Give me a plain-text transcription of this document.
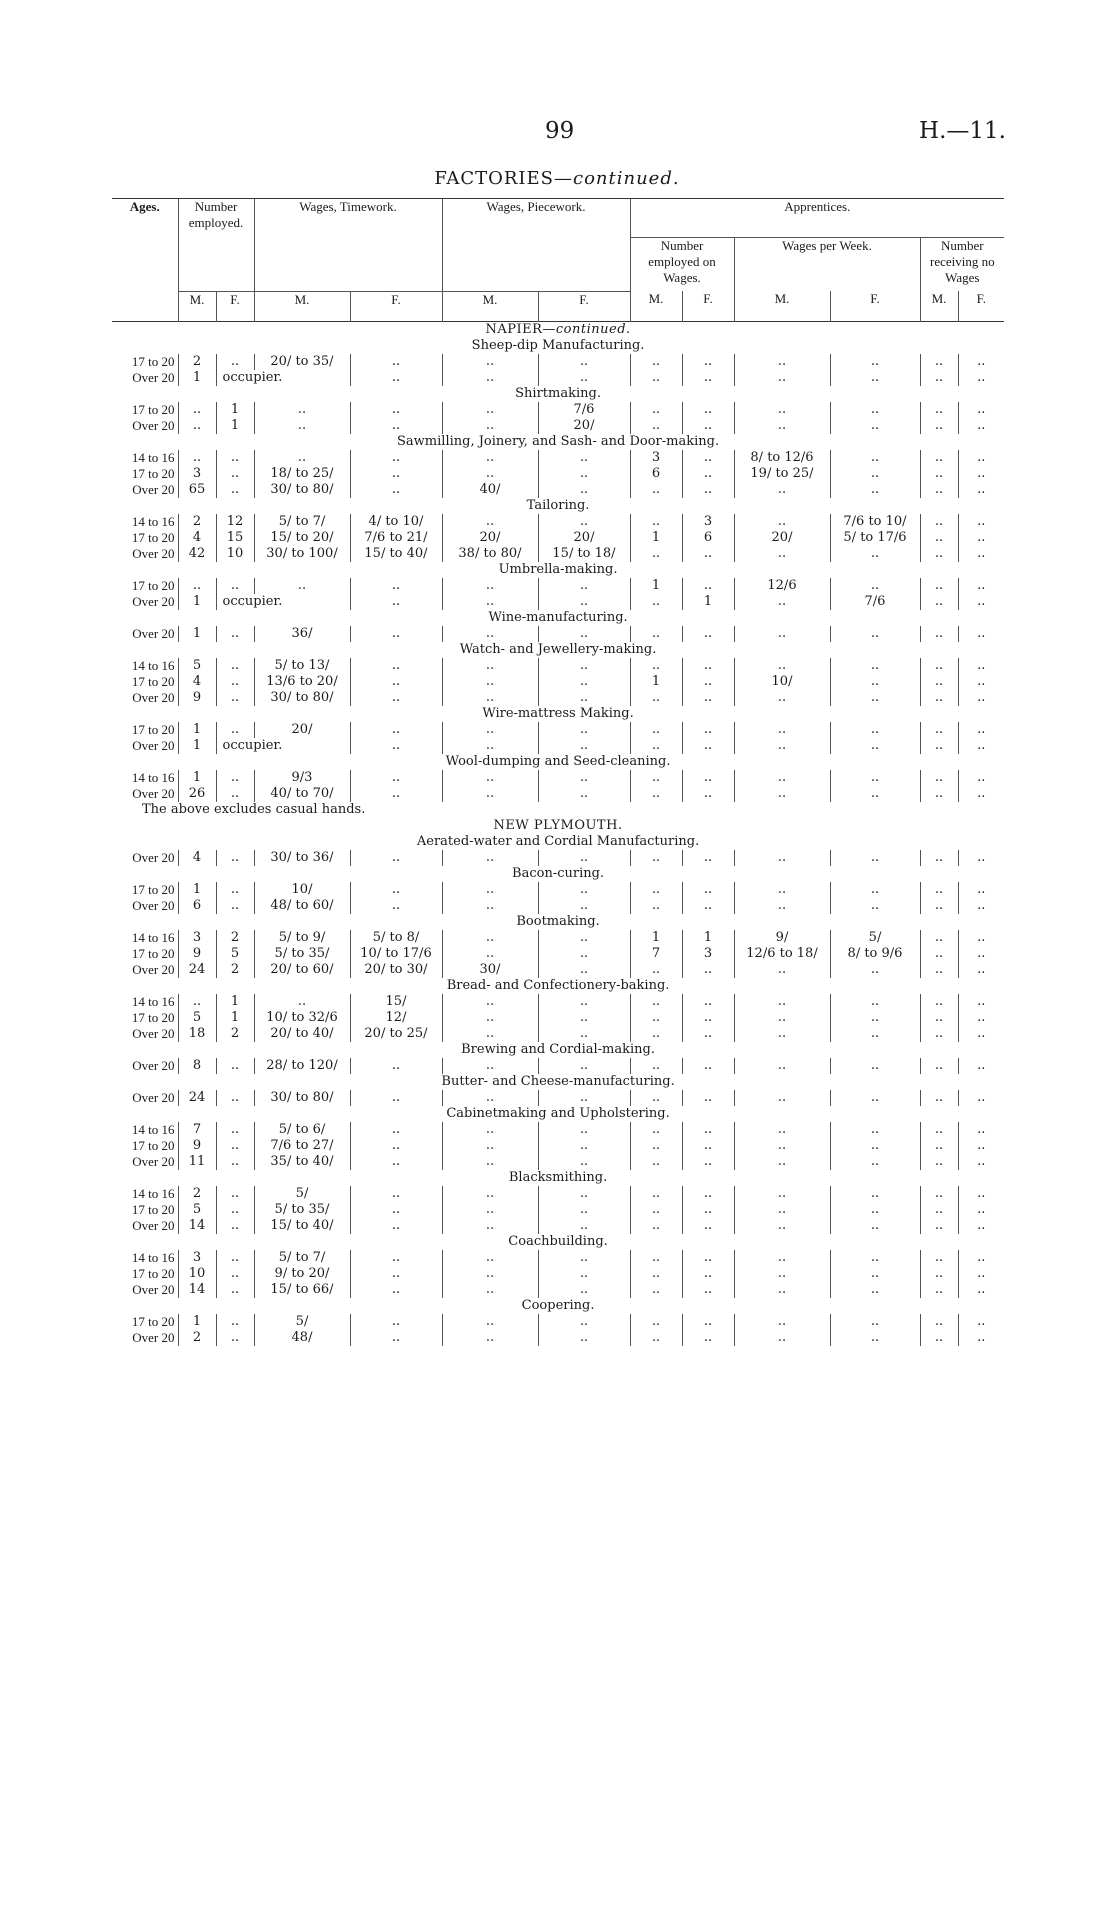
99	H.—11.
FACTORIES—continued.

Ages.	Number employed.		Wages, Timework.		Wages, Piecework.		Apprentices.					
							Number employed on Wages.		Wages per Week.		Number receiving no Wages	
	M.	F.	M.	F.	M.	F.	M.	F.	M.	F.	M.	F.

NAPIER—continued.												
Sheep-dip Manufacturing.												
17 to 20	2	..	20/ to 35/	..	..	..	..	..	..	..	..	..
Over 20	1	occupier.		..	..	..	..	..	..	..	..	..
Shirtmaking.												
17 to 20	..	1	..	..	..	7/6	..	..	..	..	..	..
Over 20	..	1	..	..	..	20/	..	..	..	..	..	..
Sawmilling, Joinery, and Sash- and Door-making.												
14 to 16	..	..	..	..	..	..	3	..	8/ to 12/6	..	..	..
17 to 20	3	..	18/ to 25/	..	..	..	6	..	19/ to 25/	..	..	..
Over 20	65	..	30/ to 80/	..	40/	..	..	..	..	..	..	..
Tailoring.												
14 to 16	2	12	5/ to 7/	4/ to 10/	..	..	..	3	..	7/6 to 10/	..	..
17 to 20	4	15	15/ to 20/	7/6 to 21/	20/	20/	1	6	20/	5/ to 17/6	..	..
Over 20	42	10	30/ to 100/	15/ to 40/	38/ to 80/	15/ to 18/	..	..	..	..	..	..
Umbrella-making.												
17 to 20	..	..	..	..	..	..	1	..	12/6	..	..	..
Over 20	1	occupier.		..	..	..	..	1	..	7/6	..	..
Wine-manufacturing.												
Over 20	1	..	36/	..	..	..	..	..	..	..	..	..
Watch- and Jewellery-making.												
14 to 16	5	..	5/ to 13/	..	..	..	..	..	..	..	..	..
17 to 20	4	..	13/6 to 20/	..	..	..	1	..	10/	..	..	..
Over 20	9	..	30/ to 80/	..	..	..	..	..	..	..	..	..
Wire-mattress Making.												
17 to 20	1	..	20/	..	..	..	..	..	..	..	..	..
Over 20	1	occupier.		..	..	..	..	..	..	..	..	..
Wool-dumping and Seed-cleaning.												
14 to 16	1	..	9/3	..	..	..	..	..	..	..	..	..
Over 20	26	..	40/ to 70/	..	..	..	..	..	..	..	..	..
The above excludes casual hands.												
NEW PLYMOUTH.												
Aerated-water and Cordial Manufacturing.												
Over 20	4	..	30/ to 36/	..	..	..	..	..	..	..	..	..
Bacon-curing.												
17 to 20	1	..	10/	..	..	..	..	..	..	..	..	..
Over 20	6	..	48/ to 60/	..	..	..	..	..	..	..	..	..
Bootmaking.												
14 to 16	3	2	5/ to 9/	5/ to 8/	..	..	1	1	9/	5/	..	..
17 to 20	9	5	5/ to 35/	10/ to 17/6	..	..	7	3	12/6 to 18/	8/ to 9/6	..	..
Over 20	24	2	20/ to 60/	20/ to 30/	30/	..	..	..	..	..	..	..
Bread- and Confectionery-baking.												
14 to 16	..	1	..	15/	..	..	..	..	..	..	..	..
17 to 20	5	1	10/ to 32/6	12/	..	..	..	..	..	..	..	..
Over 20	18	2	20/ to 40/	20/ to 25/	..	..	..	..	..	..	..	..
Brewing and Cordial-making.												
Over 20	8	..	28/ to 120/	..	..	..	..	..	..	..	..	..
Butter- and Cheese-manufacturing.												
Over 20	24	..	30/ to 80/	..	..	..	..	..	..	..	..	..
Cabinetmaking and Upholstering.												
14 to 16	7	..	5/ to 6/	..	..	..	..	..	..	..	..	..
17 to 20	9	..	7/6 to 27/	..	..	..	..	..	..	..	..	..
Over 20	11	..	35/ to 40/	..	..	..	..	..	..	..	..	..
Blacksmithing.												
14 to 16	2	..	5/	..	..	..	..	..	..	..	..	..
17 to 20	5	..	5/ to 35/	..	..	..	..	..	..	..	..	..
Over 20	14	..	15/ to 40/	..	..	..	..	..	..	..	..	..
Coachbuilding.												
14 to 16	3	..	5/ to 7/	..	..	..	..	..	..	..	..	..
17 to 20	10	..	9/ to 20/	..	..	..	..	..	..	..	..	..
Over 20	14	..	15/ to 66/	..	..	..	..	..	..	..	..	..
Coopering.												
17 to 20	1	..	5/	..	..	..	..	..	..	..	..	..
Over 20	2	..	48/	..	..	..	..	..	..	..	..	..
